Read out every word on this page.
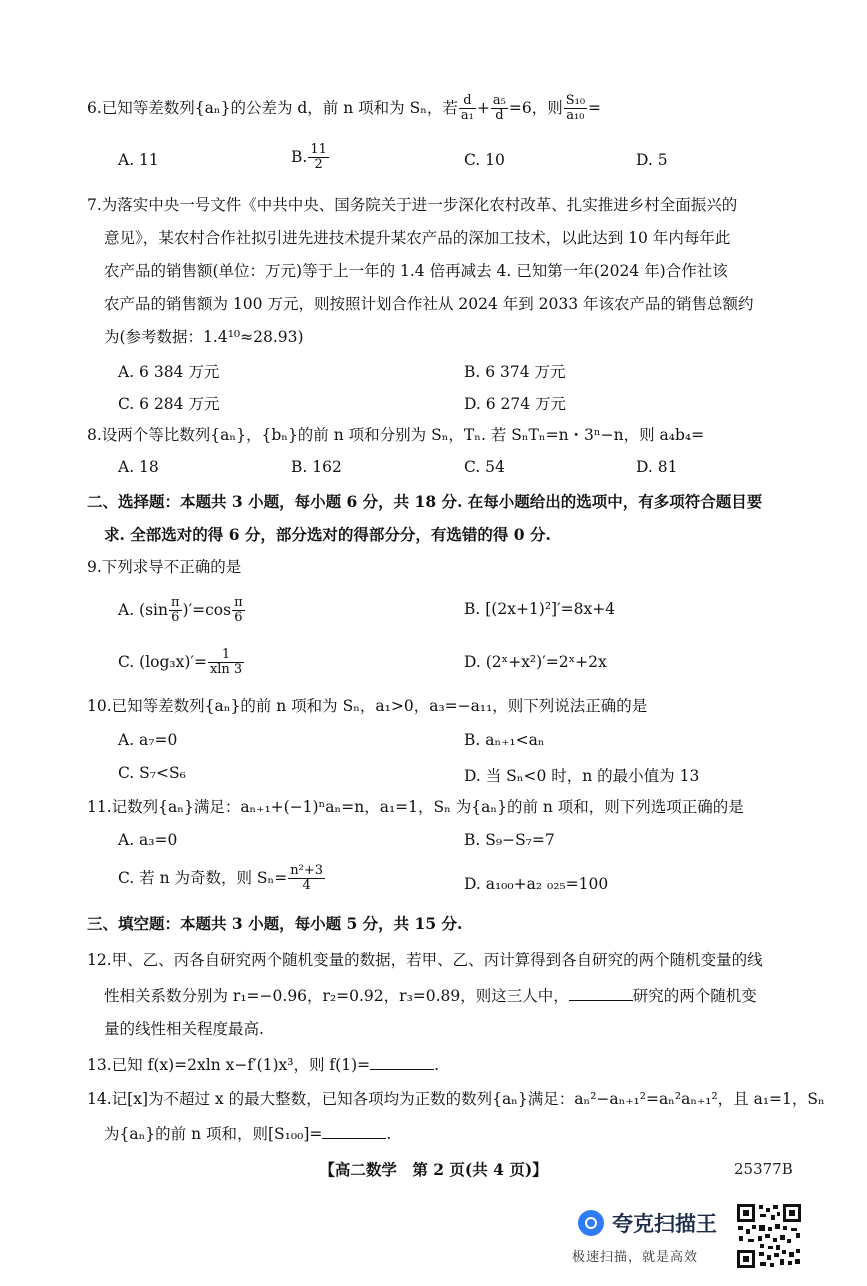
6.已知等差数列{aₙ}的公差为 d，前 n 项和为 Sₙ，若 $\frac{d}{\text{a₁}} + \frac{\text{a₅}}{d} =6$，则 $\frac{\text{S₁₀}}{\text{a₁₀}}$ =
A. 11	B. $\frac{11}{2}$	C. 10	D. 5
7.为落实中央一号文件《中共中央、国务院关于进一步深化农村改革、扎实推进乡村全面振兴的
意见》，某农村合作社拟引进先进技术提升某农产品的深加工技术，以此达到 10 年内每年此
农产品的销售额(单位：万元)等于上一年的 1.4 倍再减去 4. 已知第一年(2024 年)合作社该
农产品的销售额为 100 万元，则按照计划合作社从 2024 年到 2033 年该农产品的销售总额约
为(参考数据：1.4¹⁰≈28.93)
A. 6 384 万元	B. 6 374 万元
C. 6 284 万元	D. 6 274 万元
8.设两个等比数列{aₙ}，{bₙ}的前 n 项和分别为 Sₙ，Tₙ. 若 SₙTₙ=n・3ⁿ−n，则 a₄b₄=
A. 18	B. 162	C. 54	D. 81
二、选择题：本题共 3 小题，每小题 6 分，共 18 分. 在每小题给出的选项中，有多项符合题目要
求. 全部选对的得 6 分，部分选对的得部分分，有选错的得 0 分.
9.下列求导不正确的是
A. $(\sin \frac{\pi}{6} )'=\cos \frac{\pi}{6}$	B. [(2x+1)²]′=8x+4
C. $(\log_3x)'= \frac{1}{xln 3}$	D. (2ˣ+x²)′=2ˣ+2x
10.已知等差数列{aₙ}的前 n 项和为 Sₙ，a₁>0，a₃=−a₁₁，则下列说法正确的是
A. a₇=0	B. aₙ₊₁<aₙ
C. S₇<S₆	D. 当 Sₙ<0 时，n 的最小值为 13
11.记数列{aₙ}满足：aₙ₊₁+(−1)ⁿaₙ=n，a₁=1，Sₙ 为{aₙ}的前 n 项和，则下列选项正确的是
A. a₃=0	B. S₉−S₇=7
C. 若 n 为奇数，则 $S_n= \frac{\text{n²+3}}{4}$	D. a₁₀₀+a₂ ₀₂₅=100
三、填空题：本题共 3 小题，每小题 5 分，共 15 分.
12.甲、乙、丙各自研究两个随机变量的数据，若甲、乙、丙计算得到各自研究的两个随机变量的线
性相关系数分别为 r₁=−0.96，r₂=0.92，r₃=0.89，则这三人中，	研究的两个随机变
量的线性相关程度最高.
13.已知 f(x)=2xln x−f′(1)x³，则 f(1)=	.
14.记[x]为不超过 x 的最大整数，已知各项均为正数的数列{aₙ}满足：aₙ²−aₙ₊₁²=aₙ²aₙ₊₁²，且 a₁=1，Sₙ
为{aₙ}的前 n 项和，则[S₁₀₀]=	.
【高二数学　第 2 页(共 4 页)】	25377B
夸克扫描王
极速扫描，就是高效
